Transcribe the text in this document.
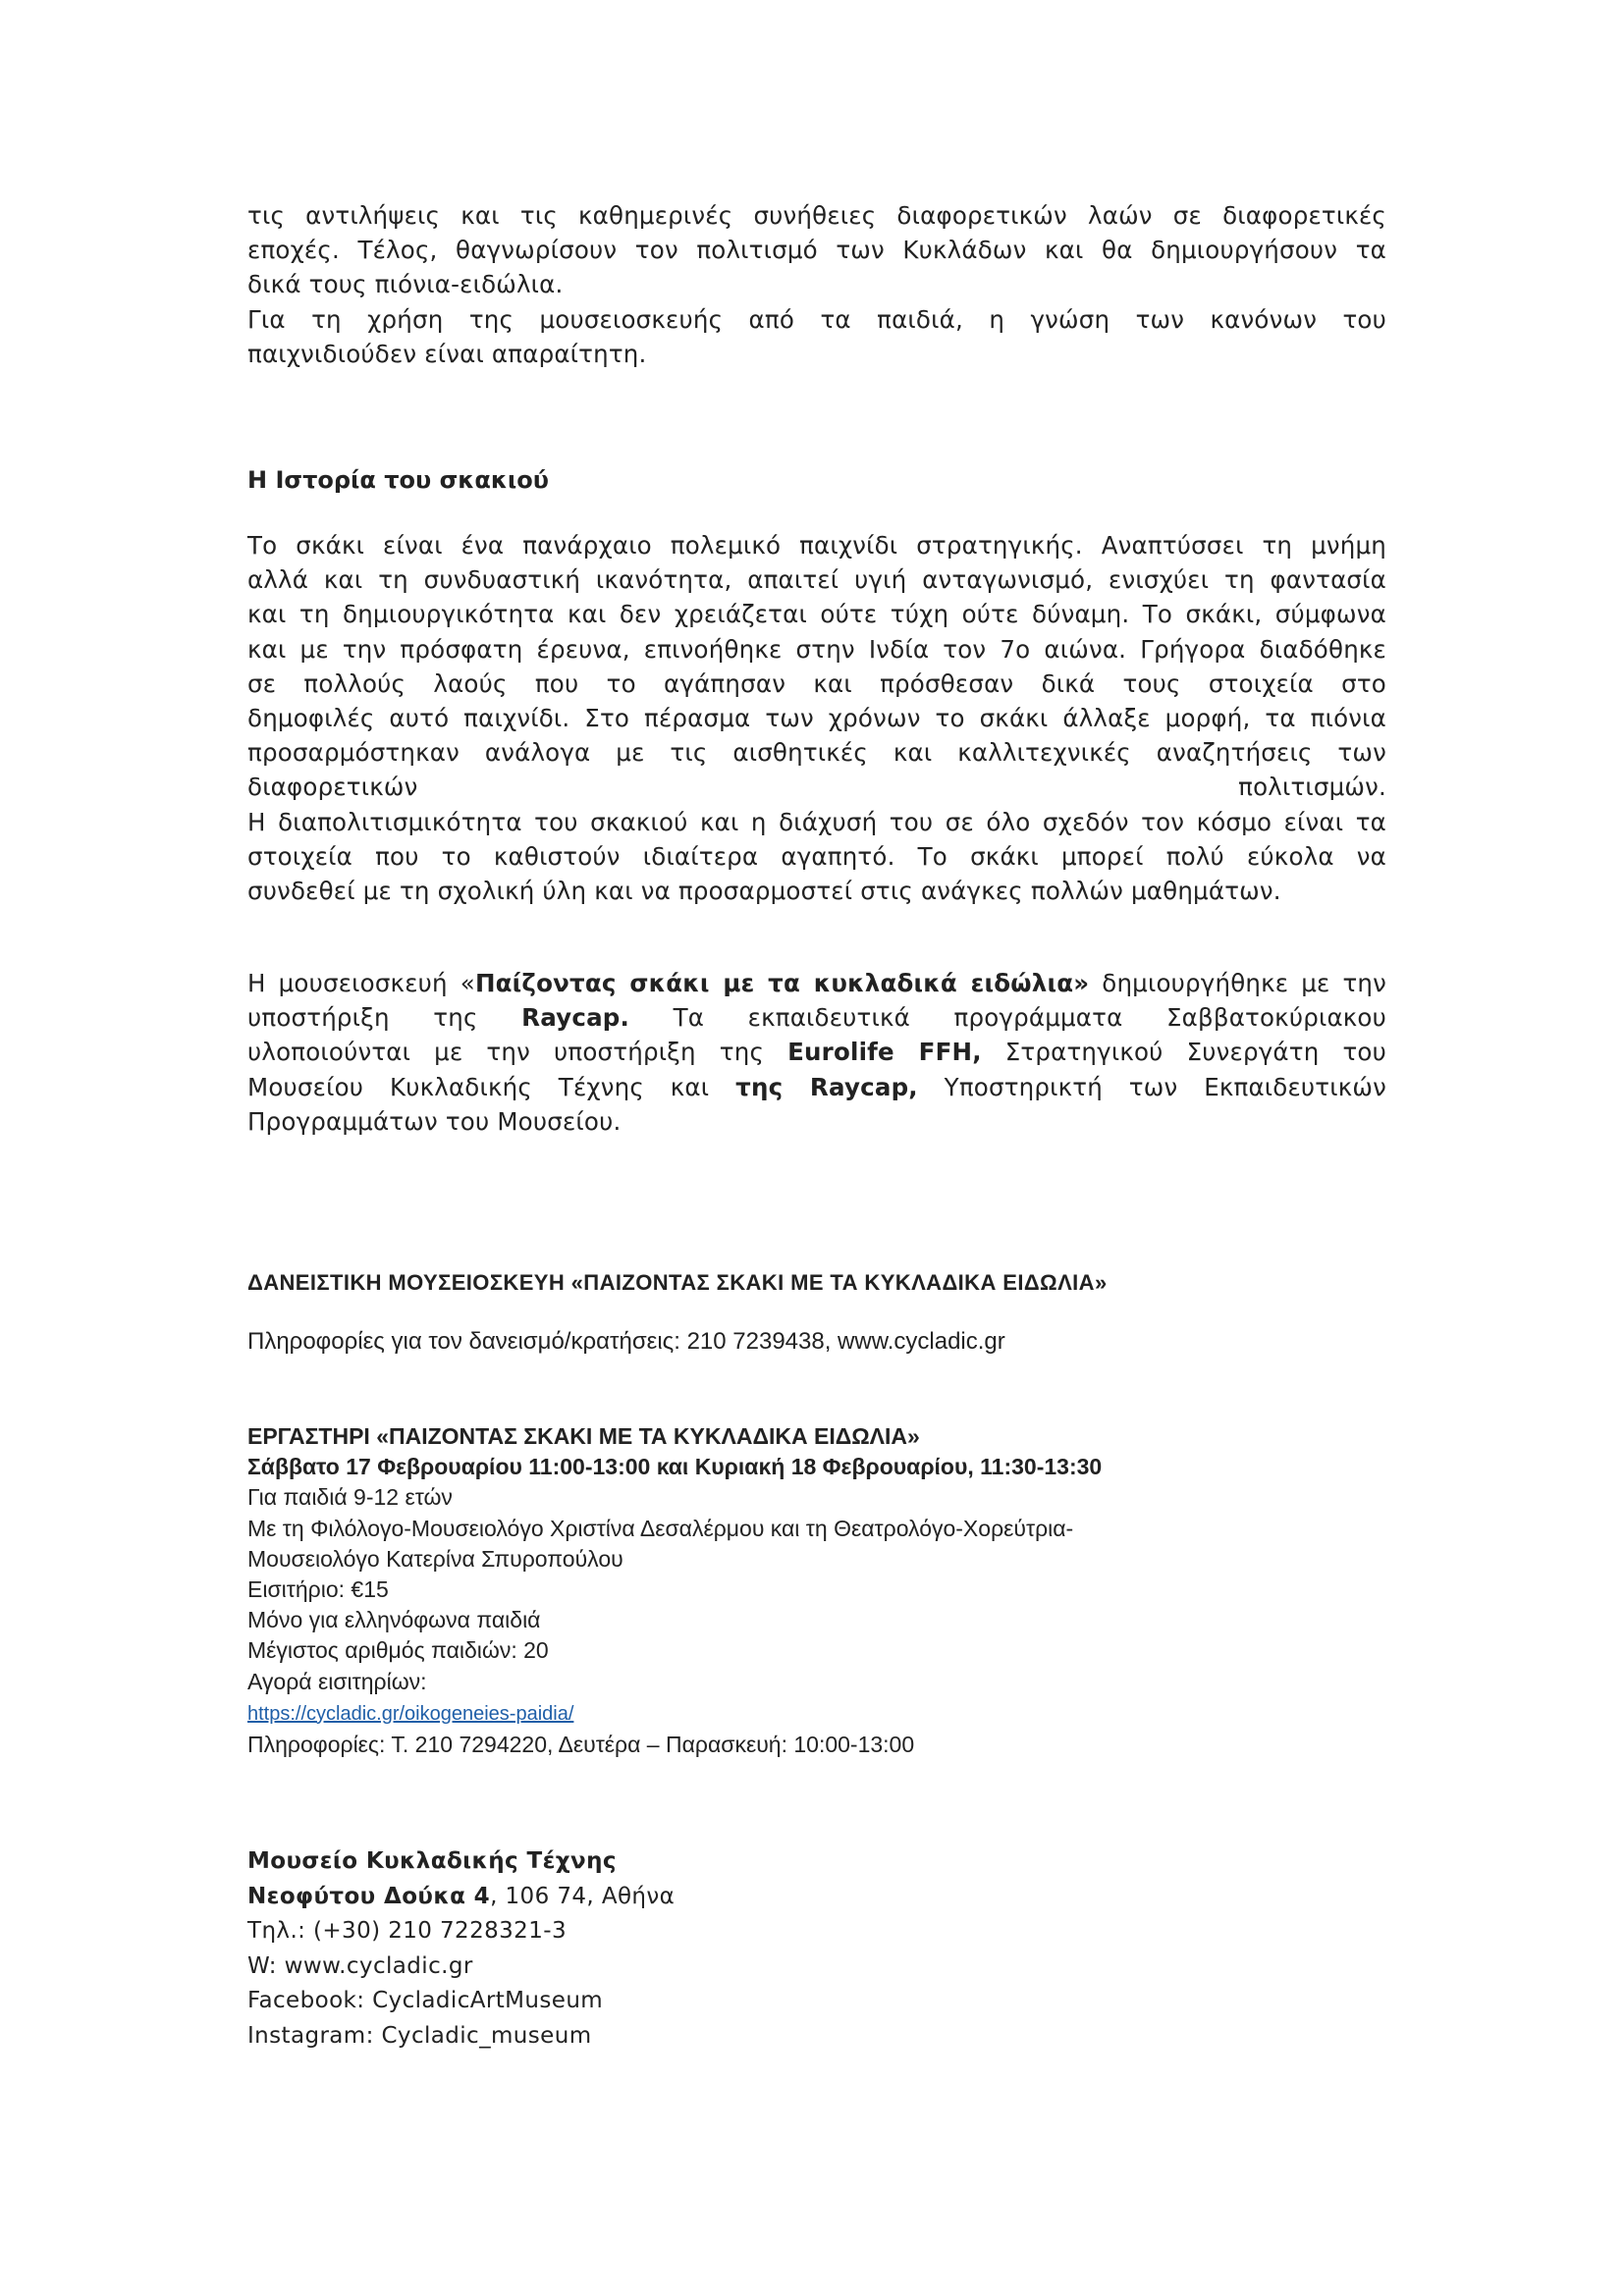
τις αντιλήψεις και τις καθημερινές συνήθειες διαφορετικών λαών σε διαφορετικές

εποχές. Τέλος, θαγνωρίσουν τον πολιτισμό των Κυκλάδων και θα δημιουργήσουν τα

δικά τους πιόνια-ειδώλια.

Για τη χρήση της μουσειοσκευής από τα παιδιά, η γνώση των κανόνων του

παιχνιδιούδεν είναι απαραίτητη.

Η Ιστορία του σκακιού

Το σκάκι είναι ένα πανάρχαιο πολεμικό παιχνίδι στρατηγικής. Αναπτύσσει τη μνήμη

αλλά και τη συνδυαστική ικανότητα, απαιτεί υγιή ανταγωνισμό, ενισχύει τη φαντασία

και τη δημιουργικότητα και δεν χρειάζεται ούτε τύχη ούτε δύναμη. Το σκάκι, σύμφωνα

και με την πρόσφατη έρευνα, επινοήθηκε στην Ινδία τον 7ο αιώνα. Γρήγορα διαδόθηκε

σε πολλούς λαούς που το αγάπησαν και πρόσθεσαν δικά τους στοιχεία στο

δημοφιλές αυτό παιχνίδι. Στο πέρασμα των χρόνων το σκάκι άλλαξε μορφή, τα πιόνια

προσαρμόστηκαν ανάλογα με τις αισθητικές και καλλιτεχνικές αναζητήσεις των

διαφορετικών	πολιτισμών.

Η διαπολιτισμικότητα του σκακιού και η διάχυσή του σε όλο σχεδόν τον κόσμο είναι τα

στοιχεία που το καθιστούν ιδιαίτερα αγαπητό. Το σκάκι μπορεί πολύ εύκολα να

συνδεθεί με τη σχολική ύλη και να προσαρμοστεί στις ανάγκες πολλών μαθημάτων.

Η μουσειοσκευή «Παίζοντας σκάκι με τα κυκλαδικά ειδώλια» δημιουργήθηκε με την

υποστήριξη της Raycap. Τα εκπαιδευτικά προγράμματα Σαββατοκύριακου

υλοποιούνται με την υποστήριξη της Eurolife FFH, Στρατηγικού Συνεργάτη του

Μουσείου Κυκλαδικής Τέχνης και της Raycap, Υποστηρικτή των Εκπαιδευτικών

Προγραμμάτων του Μουσείου.

ΔΑΝΕΙΣΤΙΚΗ ΜΟΥΣΕΙΟΣΚΕΥΗ «ΠΑΙΖΟΝΤΑΣ ΣΚΑΚΙ ΜΕ ΤΑ ΚΥΚΛΑΔΙΚΑ ΕΙΔΩΛΙΑ»
Πληροφορίες για τον δανεισμό/κρατήσεις: 210 7239438, www.cycladic.gr
ΕΡΓΑΣΤΗΡΙ «ΠΑΙΖΟΝΤΑΣ ΣΚΑΚΙ ΜΕ ΤΑ ΚΥΚΛΑΔΙΚΑ ΕΙΔΩΛΙΑ»
Σάββατο 17 Φεβρουαρίου 11:00-13:00 και Κυριακή 18 Φεβρουαρίου, 11:30-13:30
Για παιδιά 9-12 ετών
Με τη Φιλόλογο-Μουσειολόγο Χριστίνα Δεσαλέρμου και τη Θεατρολόγο-Χορεύτρια-
Μουσειολόγο Κατερίνα Σπυροπούλου
Εισιτήριο: €15
Μόνο για ελληνόφωνα παιδιά
Μέγιστος αριθμός παιδιών: 20
Αγορά εισιτηρίων:
https://cycladic.gr/oikogeneies-paidia/
Πληροφορίες: Τ. 210 7294220, Δευτέρα – Παρασκευή: 10:00-13:00
Μουσείο Κυκλαδικής Τέχνης
Νεοφύτου Δούκα 4, 106 74, Αθήνα
Τηλ.: (+30) 210 7228321-3
W: www.cycladic.gr
Facebook: CycladicArtMuseum
Instagram: Cycladic_museum
